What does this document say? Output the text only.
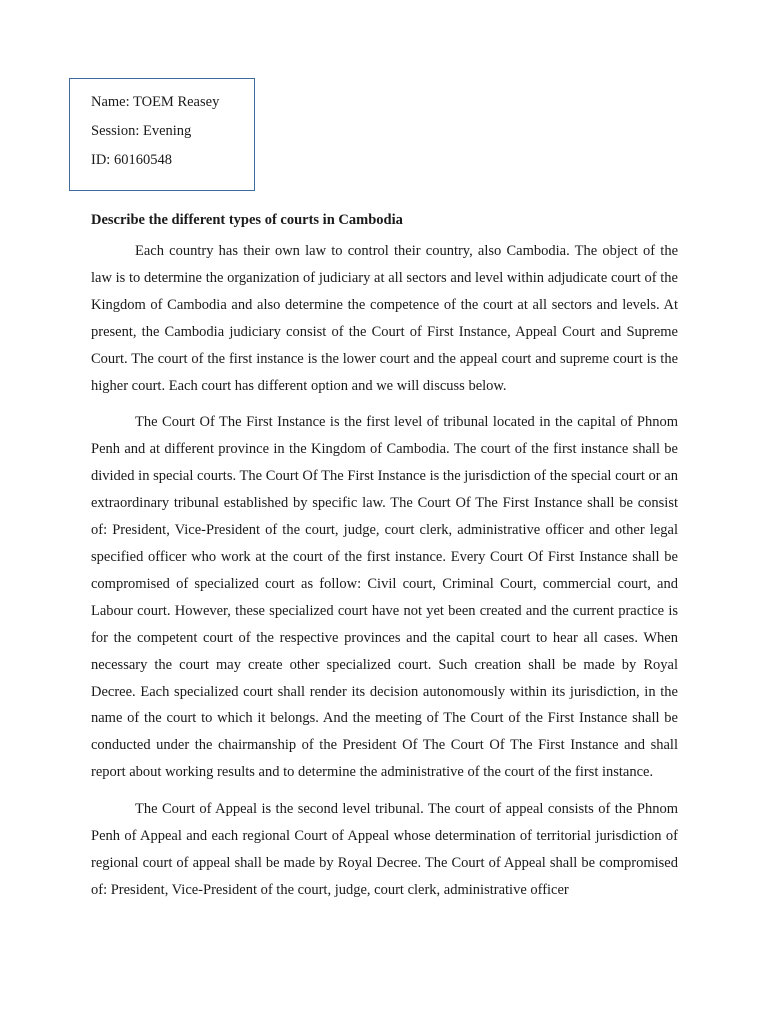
Name: TOEM Reasey
Session: Evening
ID: 60160548
Describe the different types of courts in Cambodia

Each country has their own law to control their country, also Cambodia. The object of the law is to determine the organization of judiciary at all sectors and level within adjudicate court of the Kingdom of Cambodia and also determine the competence of the court at all sectors and levels. At present, the Cambodia judiciary consist of the Court of First Instance, Appeal Court and Supreme Court. The court of the first instance is the lower court and the appeal court and supreme court is the higher court. Each court has different option and we will discuss below.

The Court Of The First Instance is the first level of tribunal located in the capital of Phnom Penh and at different province in the Kingdom of Cambodia. The court of the first instance shall be divided in special courts. The Court Of The First Instance is the jurisdiction of the special court or an extraordinary tribunal established by specific law. The Court Of The First Instance shall be consist of: President, Vice-President of the court, judge, court clerk, administrative officer and other legal specified officer who work at the court of the first instance. Every Court Of First Instance shall be compromised of specialized court as follow: Civil court, Criminal Court, commercial court, and Labour court. However, these specialized court have not yet been created and the current practice is for the competent court of the respective provinces and the capital court to hear all cases. When necessary the court may create other specialized court. Such creation shall be made by Royal Decree. Each specialized court shall render its decision autonomously within its jurisdiction, in the name of the court to which it belongs. And the meeting of The Court of the First Instance shall be conducted under the chairmanship of the President Of The Court Of The First Instance and shall report about working results and to determine the administrative of the court of the first instance.

The Court of Appeal is the second level tribunal. The court of appeal consists of the Phnom Penh of Appeal and each regional Court of Appeal whose determination of territorial jurisdiction of regional court of appeal shall be made by Royal Decree. The Court of Appeal shall be compromised of: President, Vice-President of the court, judge, court clerk, administrative officer
